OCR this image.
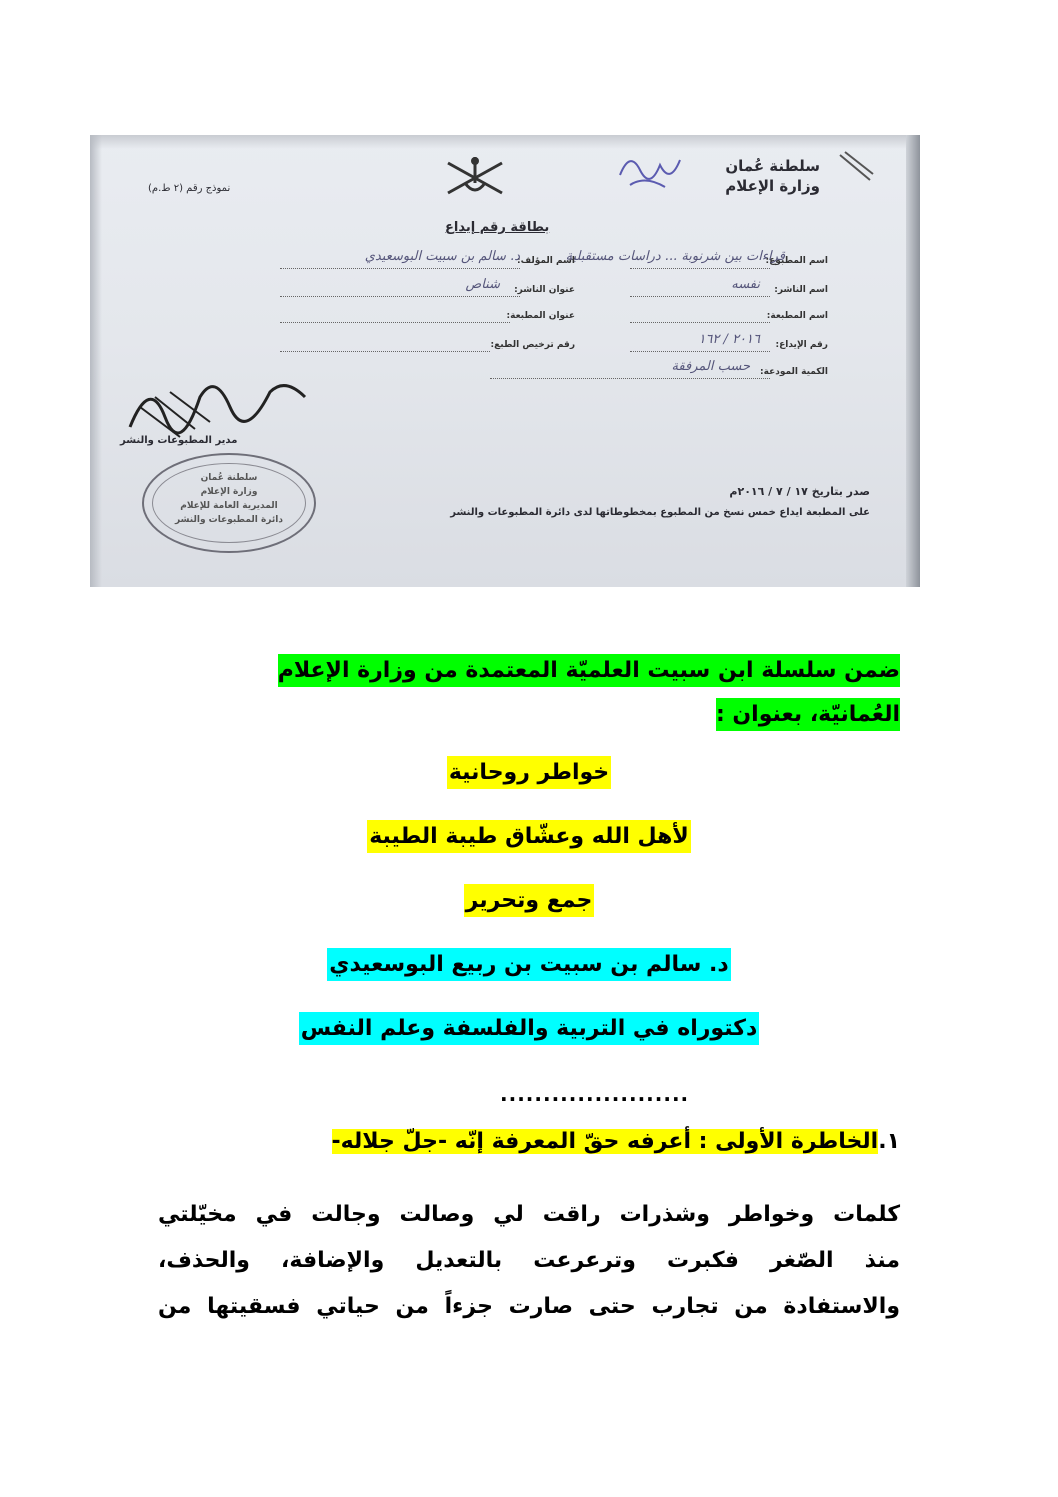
سلطنة عُمان
وزارة الإعلام
نموذج رقم (٢ ط.م)
بطاقة رقم إيداع
اسم المطبوع:
قراءات بين شرنوبة ... دراسات مستقبلية
اسم المؤلف:
د. سالم بن سبيت البوسعيدي
اسم الناشر:
نفسه
عنوان الناشر:
شناص
اسم المطبعة:
عنوان المطبعة:
رقم الإيداع:
٢٠١٦ / ١٦٢
رقم ترخيص الطبع:
الكمية المودعة:
حسب المرفقة
مدير المطبوعات والنشر
سلطنة عُمان
وزارة الإعلام
المديرية العامة للإعلام
دائرة المطبوعات والنشر
صدر بتاريخ ١٧ / ٧ / ٢٠١٦م
على المطبعة ايداع خمس نسخ من المطبوع بمخطوطاتها لدى دائرة المطبوعات والنشر
ضمن سلسلة ابن سبيت العلميّة المعتمدة من وزارة الإعلام
العُمانيّة، بعنوان :
خواطر روحانية
لأهل الله وعشّاق طيبة الطيبة
جمع وتحرير
د. سالم بن سبيت بن ربيع البوسعيدي
دكتوراه في التربية والفلسفة وعلم النفس
......................
١.الخاطرة الأولى : أعرفه حقّ المعرفة إنّه -جلّ جلاله-
كلمات وخواطر وشذرات راقت لي وصالت وجالت في مخيّلتي
منذ الصّغر فكبرت وترعرعت بالتعديل والإضافة، والحذف،
والاستفادة من تجارب حتى صارت جزءاً من حياتي فسقيتها من
